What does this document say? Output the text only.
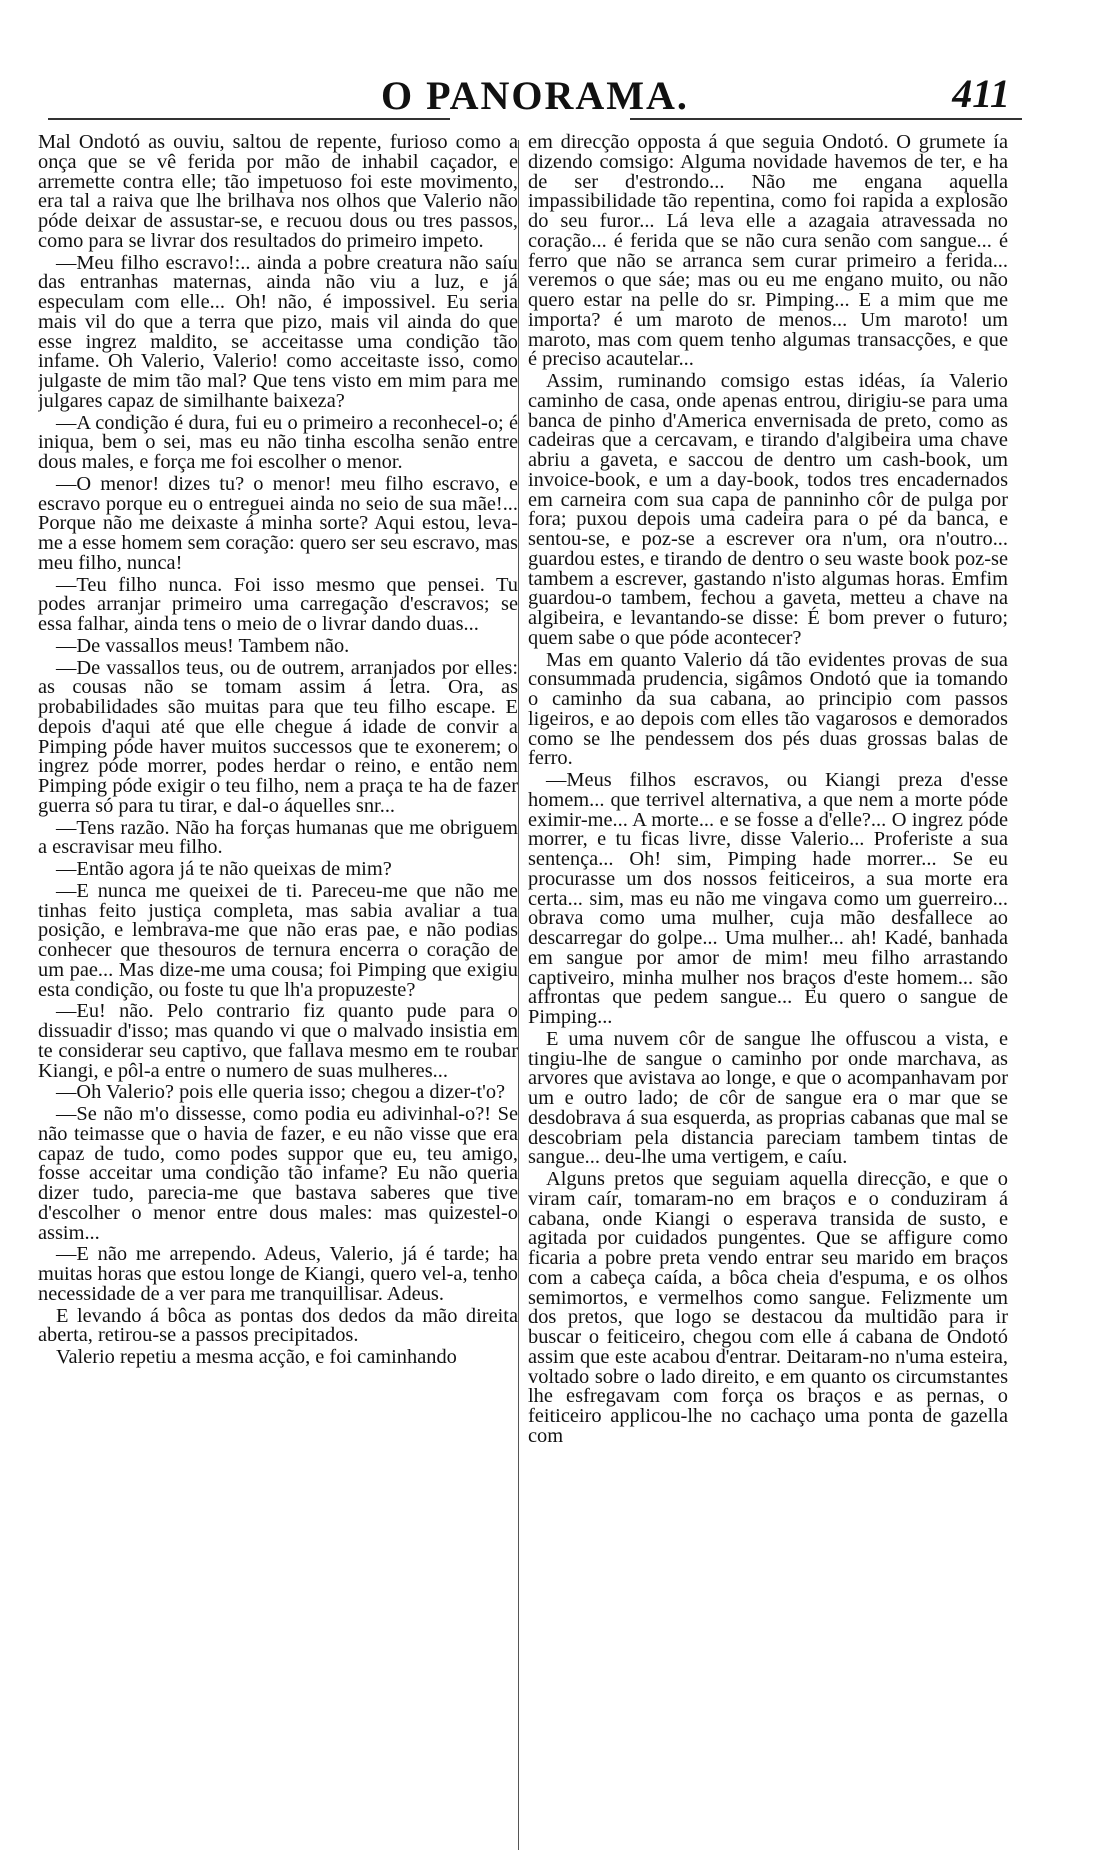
O PANORAMA.	411

Mal Ondotó as ouviu, saltou de repente, furioso como a onça que se vê ferida por mão de inhabil caçador, e arremette contra elle; tão impetuoso foi este movimento, era tal a raiva que lhe brilhava nos olhos que Valerio não póde deixar de assustar-se, e recuou dous ou tres passos, como para se livrar dos resultados do primeiro impeto.

—Meu filho escravo!:.. ainda a pobre creatura não saíu das entranhas maternas, ainda não viu a luz, e já especulam com elle... Oh! não, é impossivel. Eu seria mais vil do que a terra que pizo, mais vil ainda do que esse ingrez maldito, se acceitasse uma condição tão infame. Oh Valerio, Valerio! como acceitaste isso, como julgaste de mim tão mal? Que tens visto em mim para me julgares capaz de similhante baixeza?

—A condição é dura, fui eu o primeiro a reconhecel-o; é iniqua, bem o sei, mas eu não tinha escolha senão entre dous males, e força me foi escolher o menor.

—O menor! dizes tu? o menor! meu filho escravo, e escravo porque eu o entreguei ainda no seio de sua mãe!... Porque não me deixaste á minha sorte? Aqui estou, leva-me a esse homem sem coração: quero ser seu escravo, mas meu filho, nunca!

—Teu filho nunca. Foi isso mesmo que pensei. Tu podes arranjar primeiro uma carregação d'escravos; se essa falhar, ainda tens o meio de o livrar dando duas...

—De vassallos meus! Tambem não.

—De vassallos teus, ou de outrem, arranjados por elles: as cousas não se tomam assim á letra. Ora, as probabilidades são muitas para que teu filho escape. E depois d'aqui até que elle chegue á idade de convir a Pimping póde haver muitos successos que te exonerem; o ingrez póde morrer, podes herdar o reino, e então nem Pimping póde exigir o teu filho, nem a praça te ha de fazer guerra só para tu tirar, e dal-o áquelles snr...

—Tens razão. Não ha forças humanas que me obriguem a escravisar meu filho.

—Então agora já te não queixas de mim?

—E nunca me queixei de ti. Pareceu-me que não me tinhas feito justiça completa, mas sabia avaliar a tua posição, e lembrava-me que não eras pae, e não podias conhecer que thesouros de ternura encerra o coração de um pae... Mas dize-me uma cousa; foi Pimping que exigiu esta condição, ou foste tu que lh'a propuzeste?

—Eu! não. Pelo contrario fiz quanto pude para o dissuadir d'isso; mas quando vi que o malvado insistia em te considerar seu captivo, que fallava mesmo em te roubar Kiangi, e pôl-a entre o numero de suas mulheres...

—Oh Valerio? pois elle queria isso; chegou a dizer-t'o?

—Se não m'o dissesse, como podia eu adivinhal-o?! Se não teimasse que o havia de fazer, e eu não visse que era capaz de tudo, como podes suppor que eu, teu amigo, fosse acceitar uma condição tão infame? Eu não queria dizer tudo, parecia-me que bastava saberes que tive d'escolher o menor entre dous males: mas quizestel-o assim...

—E não me arrependo. Adeus, Valerio, já é tarde; ha muitas horas que estou longe de Kiangi, quero vel-a, tenho necessidade de a ver para me tranquillisar. Adeus.

E levando á bôca as pontas dos dedos da mão direita aberta, retirou-se a passos precipitados.

Valerio repetiu a mesma acção, e foi caminhando

em direcção opposta á que seguia Ondotó. O grumete ía dizendo comsigo: Alguma novidade havemos de ter, e ha de ser d'estrondo... Não me engana aquella impassibilidade tão repentina, como foi rapida a explosão do seu furor... Lá leva elle a azagaia atravessada no coração... é ferida que se não cura senão com sangue... é ferro que não se arranca sem curar primeiro a ferida... veremos o que sáe; mas ou eu me engano muito, ou não quero estar na pelle do sr. Pimping... E a mim que me importa? é um maroto de menos... Um maroto! um maroto, mas com quem tenho algumas transacções, e que é preciso acautelar...

Assim, ruminando comsigo estas idéas, ía Valerio caminho de casa, onde apenas entrou, dirigiu-se para uma banca de pinho d'America envernisada de preto, como as cadeiras que a cercavam, e tirando d'algibeira uma chave abriu a gaveta, e saccou de dentro um cash-book, um invoice-book, e um a day-book, todos tres encadernados em carneira com sua capa de panninho côr de pulga por fora; puxou depois uma cadeira para o pé da banca, e sentou-se, e poz-se a escrever ora n'um, ora n'outro... guardou estes, e tirando de dentro o seu waste book poz-se tambem a escrever, gastando n'isto algumas horas. Emfim guardou-o tambem, fechou a gaveta, metteu a chave na algibeira, e levantando-se disse: É bom prever o futuro; quem sabe o que póde acontecer?

Mas em quanto Valerio dá tão evidentes provas de sua consummada prudencia, sigâmos Ondotó que ia tomando o caminho da sua cabana, ao principio com passos ligeiros, e ao depois com elles tão vagarosos e demorados como se lhe pendessem dos pés duas grossas balas de ferro.

—Meus filhos escravos, ou Kiangi preza d'esse homem... que terrivel alternativa, a que nem a morte póde eximir-me... A morte... e se fosse a d'elle?... O ingrez póde morrer, e tu ficas livre, disse Valerio... Proferiste a sua sentença... Oh! sim, Pimping hade morrer... Se eu procurasse um dos nossos feiticeiros, a sua morte era certa... sim, mas eu não me vingava como um guerreiro... obrava como uma mulher, cuja mão desfallece ao descarregar do golpe... Uma mulher... ah! Kadé, banhada em sangue por amor de mim! meu filho arrastando captiveiro, minha mulher nos braços d'este homem... são affrontas que pedem sangue... Eu quero o sangue de Pimping...

E uma nuvem côr de sangue lhe offuscou a vista, e tingiu-lhe de sangue o caminho por onde marchava, as arvores que avistava ao longe, e que o acompanhavam por um e outro lado; de côr de sangue era o mar que se desdobrava á sua esquerda, as proprias cabanas que mal se descobriam pela distancia pareciam tambem tintas de sangue... deu-lhe uma vertigem, e caíu.

Alguns pretos que seguiam aquella direcção, e que o viram caír, tomaram-no em braços e o conduziram á cabana, onde Kiangi o esperava transida de susto, e agitada por cuidados pungentes. Que se affigure como ficaria a pobre preta vendo entrar seu marido em braços com a cabeça caída, a bôca cheia d'espuma, e os olhos semimortos, e vermelhos como sangue. Felizmente um dos pretos, que logo se destacou da multidão para ir buscar o feiticeiro, chegou com elle á cabana de Ondotó assim que este acabou d'entrar. Deitaram-no n'uma esteira, voltado sobre o lado direito, e em quanto os circumstantes lhe esfregavam com força os braços e as pernas, o feiticeiro applicou-lhe no cachaço uma ponta de gazella com
